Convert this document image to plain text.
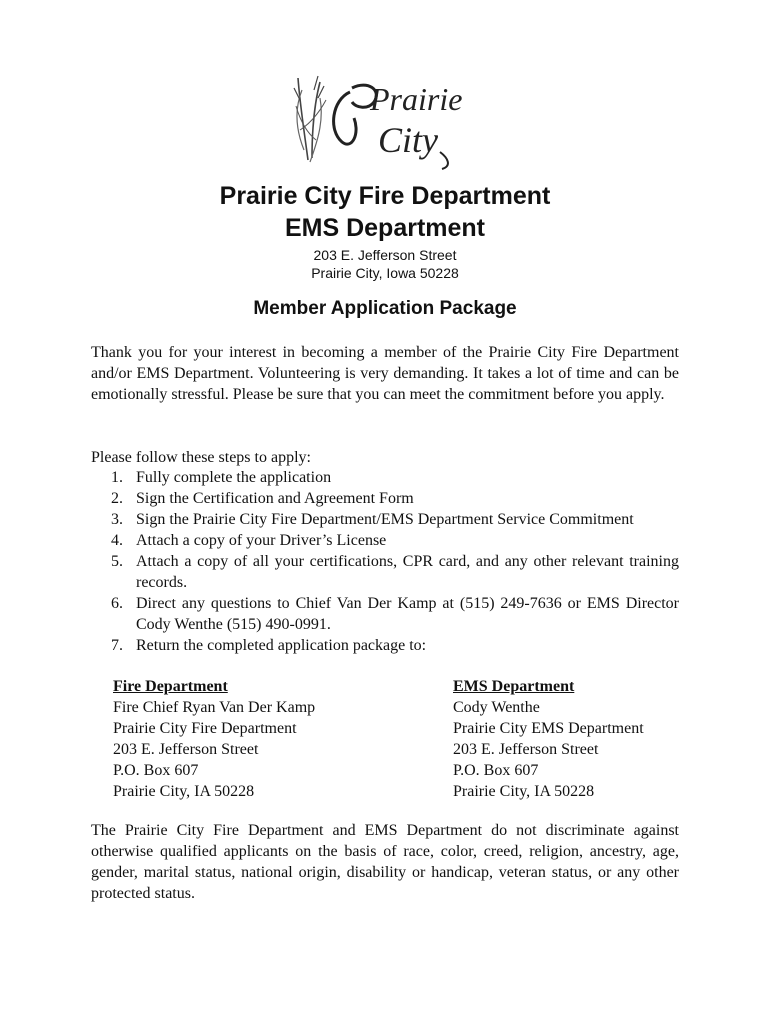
Prairie
City
Prairie City Fire Department
EMS Department
203 E. Jefferson Street
Prairie City, Iowa 50228
Member Application Package

Thank you for your interest in becoming a member of the Prairie City Fire Department and/or EMS Department. Volunteering is very demanding. It takes a lot of time and can be emotionally stressful. Please be sure that you can meet the commitment before you apply.

Please follow these steps to apply:

1. Fully complete the application
2. Sign the Certification and Agreement Form
3. Sign the Prairie City Fire Department/EMS Department Service Commitment
4. Attach a copy of your Driver’s License
5. Attach a copy of all your certifications, CPR card, and any other relevant training records.
6. Direct any questions to Chief Van Der Kamp at (515) 249-7636 or EMS Director Cody Wenthe (515) 490-0991.
7. Return the completed application package to:
Fire Department
Fire Chief Ryan Van Der Kamp
Prairie City Fire Department
203 E. Jefferson Street
P.O. Box 607
Prairie City, IA 50228
EMS Department
Cody Wenthe
Prairie City EMS Department
203 E. Jefferson Street
P.O. Box 607
Prairie City, IA 50228

The Prairie City Fire Department and EMS Department do not discriminate against otherwise qualified applicants on the basis of race, color, creed, religion, ancestry, age, gender, marital status, national origin, disability or handicap, veteran status, or any other protected status.
